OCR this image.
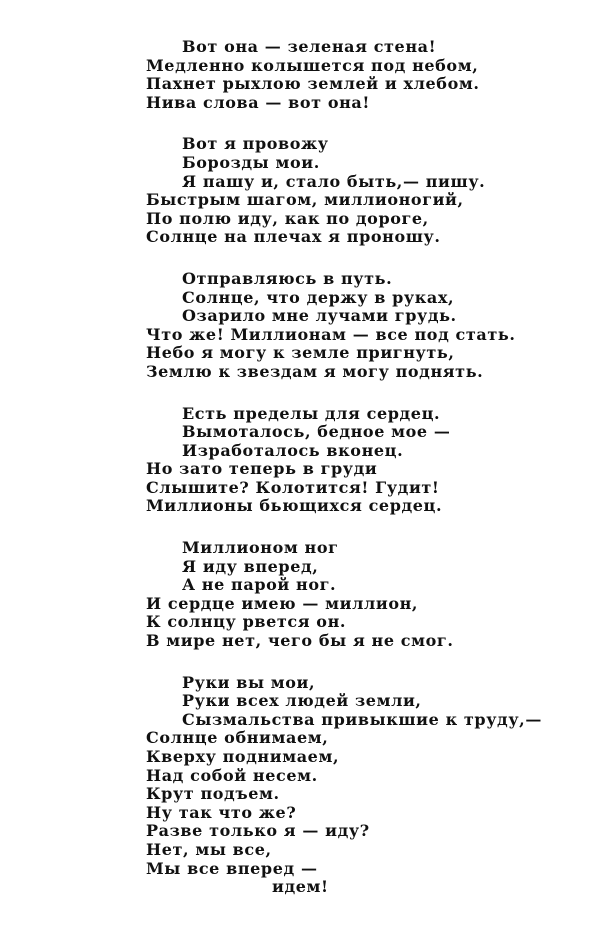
Вот она — зеленая стена!
Медленно колышется под небом,
Пахнет рыхлою землей и хлебом.
Нива слова — вот она!
Вот я провожу
Борозды мои.
Я пашу и, стало быть,— пишу.
Быстрым шагом, миллионогий,
По полю иду, как по дороге,
Солнце на плечах я проношу.
Отправляюсь в путь.
Солнце, что держу в руках,
Озарило мне лучами грудь.
Что же! Миллионам — все под стать.
Небо я могу к земле пригнуть,
Землю к звездам я могу поднять.
Есть пределы для сердец.
Вымоталось, бедное мое —
Изработалось вконец.
Но зато теперь в груди
Слышите? Колотится! Гудит!
Миллионы бьющихся сердец.
Миллионом ног
Я иду вперед,
А не парой ног.
И сердце имею — миллион,
К солнцу рвется он.
В мире нет, чего бы я не смог.
Руки вы мои,
Руки всех людей земли,
Сызмальства привыкшие к труду,—
Солнце обнимаем,
Кверху поднимаем,
Над собой несем.
Крут подъем.
Ну так что же?
Разве только я — иду?
Нет, мы все,
Мы все вперед —
идем!
